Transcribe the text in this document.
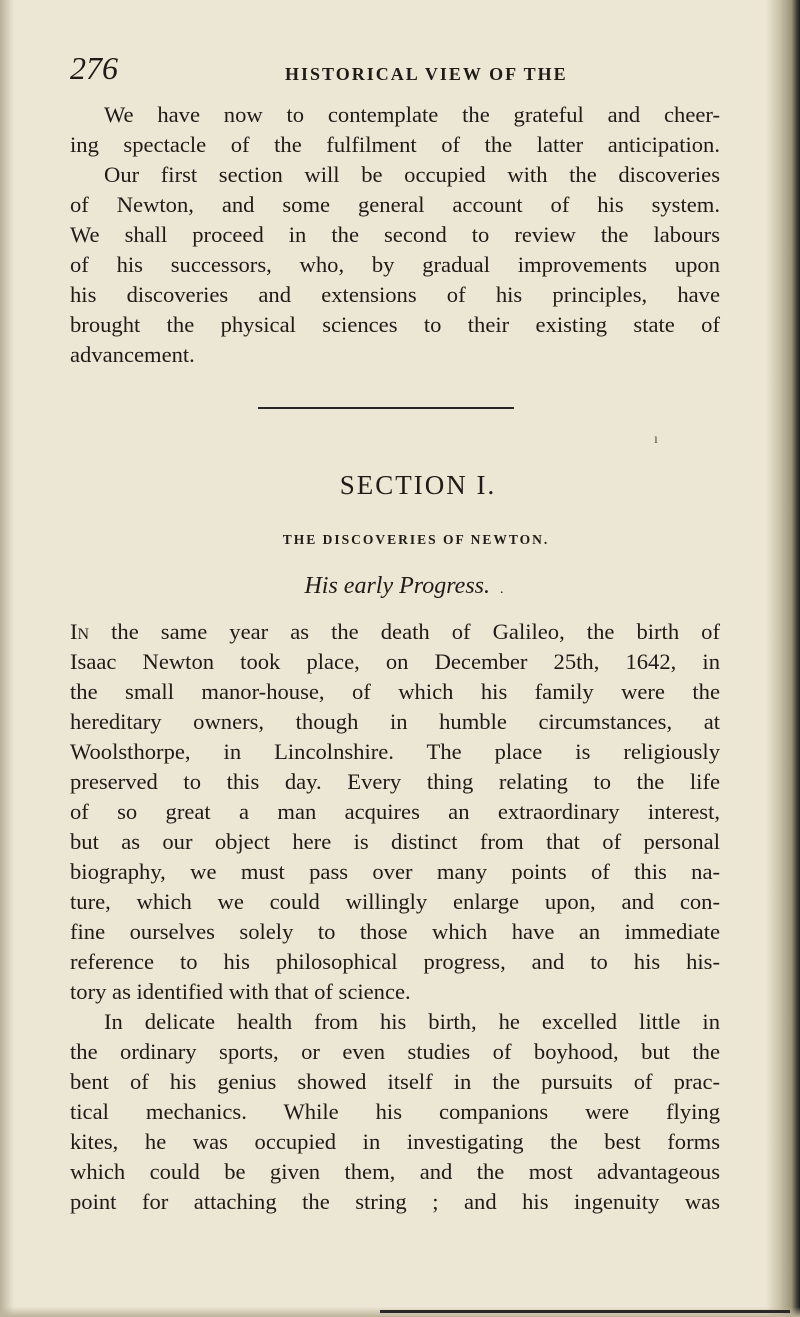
276	HISTORICAL VIEW OF THE

We have now to contemplate the grateful and cheer-

ing spectacle of the fulfilment of the latter anticipation.

Our first section will be occupied with the discoveries

of Newton, and some general account of his system.

We shall proceed in the second to review the labours

of his successors, who, by gradual improvements upon

his discoveries and extensions of his principles, have

brought the physical sciences to their existing state of

advancement.

ı
SECTION I.
THE DISCOVERIES OF NEWTON.
His early Progress. .

In the same year as the death of Galileo, the birth of

Isaac Newton took place, on December 25th, 1642, in

the small manor-house, of which his family were the

hereditary owners, though in humble circumstances, at

Woolsthorpe, in Lincolnshire. The place is religiously

preserved to this day. Every thing relating to the life

of so great a man acquires an extraordinary interest,

but as our object here is distinct from that of personal

biography, we must pass over many points of this na-

ture, which we could willingly enlarge upon, and con-

fine ourselves solely to those which have an immediate

reference to his philosophical progress, and to his his-

tory as identified with that of science.

In delicate health from his birth, he excelled little in

the ordinary sports, or even studies of boyhood, but the

bent of his genius showed itself in the pursuits of prac-

tical mechanics. While his companions were flying

kites, he was occupied in investigating the best forms

which could be given them, and the most advantageous

point for attaching the string ; and his ingenuity was
